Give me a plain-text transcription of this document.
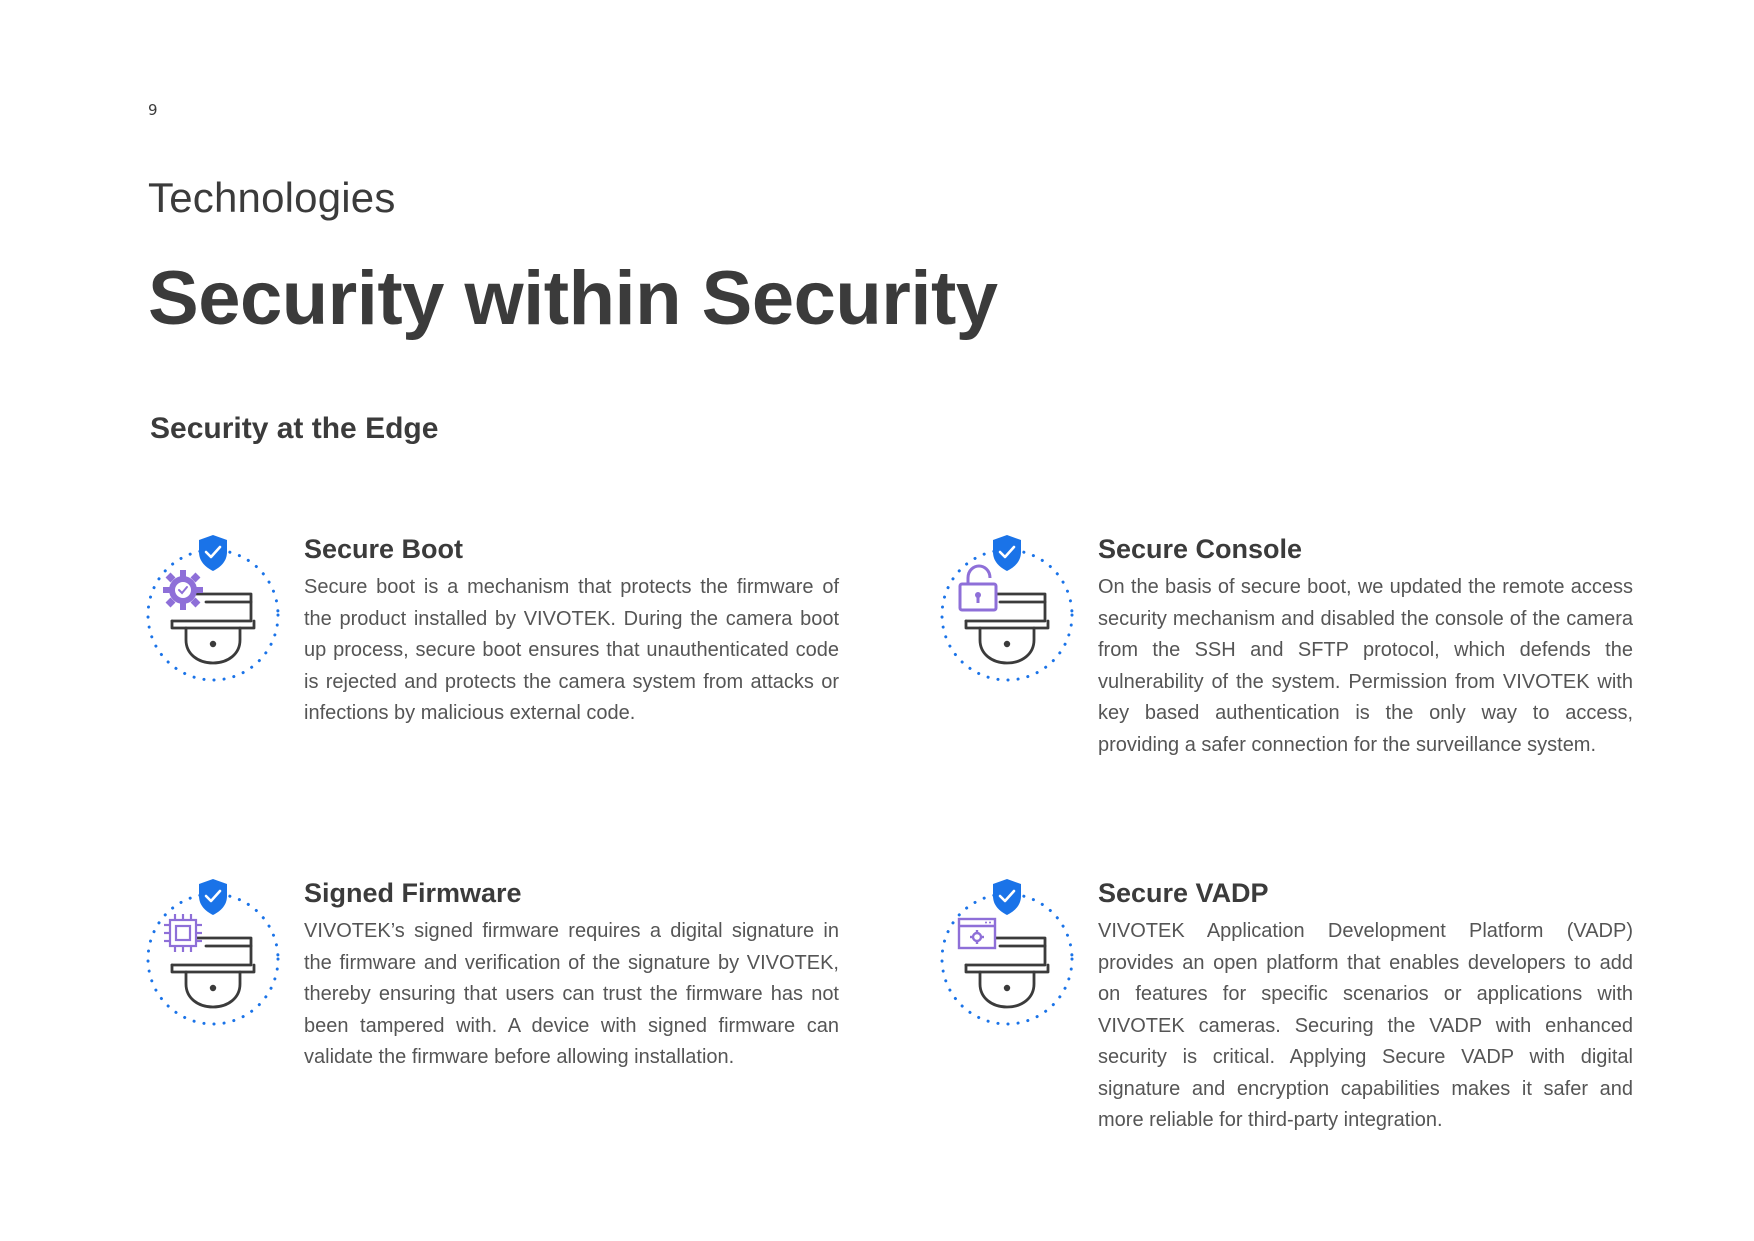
9
Technologies
Security within Security
Security at the Edge
Secure Boot

Secure boot is a mechanism that protects the firmware of the product installed by VIVOTEK. During the camera boot up process, secure boot ensures that unauthenticated code is rejected and protects the camera system from attacks or infections by malicious external code.

Secure Console

On the basis of secure boot, we updated the remote access security mechanism and disabled the console of the camera from the SSH and SFTP protocol, which defends the vulnerability of the system. Permission from VIVOTEK with key based authentication is the only way to access, providing a safer connection for the surveillance system.

Signed Firmware

VIVOTEK’s signed firmware requires a digital signature in the firmware and verification of the signature by VIVOTEK, thereby ensuring that users can trust the firmware has not been tampered with. A device with signed firmware can validate the firmware before allowing installation.

Secure VADP

VIVOTEK Application Development Platform (VADP) provides an open platform that enables developers to add on features for specific scenarios or applications with VIVOTEK cameras. Securing the VADP with enhanced security is critical. Applying Secure VADP with digital signature and encryption capabilities makes it safer and more reliable for third-party integration.
